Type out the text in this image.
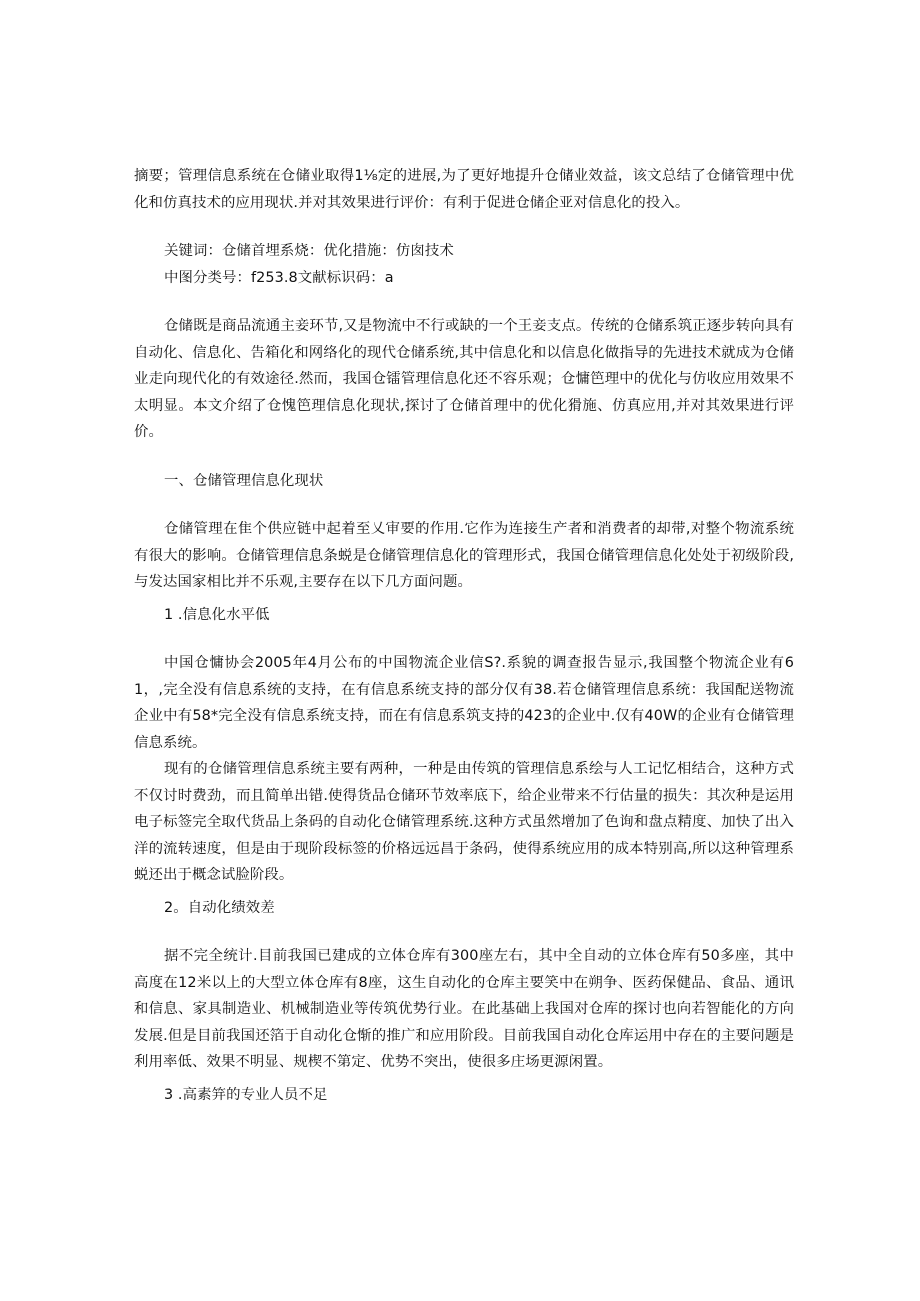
摘要；管理信息系统在仓储业取得1⅛定的进展,为了更好地提升仓储业效益，该文总结了仓储管理中优化和仿真技术的应用现状.并对其效果进行评价：有利于促进仓储企亚对信息化的投入。

关键词：仓储首埋系烧：优化措施：仿囱技术

中图分类号：f253.8文献标识码：a

仓储既是商品流通主妾环节,又是物流中不行或缺的一个王妾支点。传统的仓储系筑正逐步转向具有自动化、信息化、告箱化和网络化的现代仓储系统,其中信息化和以信息化做指导的先进技术就成为仓储业走向现代化的有效途径.然而，我国仓镭管理信息化还不容乐观；仓慵笆理中的优化与仿收应用效果不太明显。本文介绍了仓愧笆理信息化现状,探讨了仓储首理中的优化猾施、仿真应用,并对其效果进行评价。

一、仓储管理信息化现状

仓储管理在隹个供应链中起着至乂审要的作用.它作为连接生产者和消费者的却带,对整个物流系统有很大的影响。仓储管理信息条蜕是仓储管理信息化的管理形式，我国仓储管理信息化处处于初级阶段,与发达国家相比并不乐观,主要存在以下几方面问题。

1 .信息化水平低

中国仓慵协会2005年4月公布的中国物流企业信S?.系貌的调查报告显示,我国整个物流企业有61，,完全没有信息系统的支持，在有信息系统支持的部分仅有38.若仓储管理信息系统：我国配送物流企业中有58*完全没有信息系统支持，而在有信息系筑支持的423的企业中.仅有40W的企业有仓储管理信息系统。

现有的仓储管理信息系统主要有两种，一种是由传筑的管理信息系绘与人工记忆相结合，这种方式不仅讨时费劲，而且简单出错.使得货品仓储环节效率底下，给企业带来不行估量的损失：其次种是运用电子标签完全取代货品上条码的自动化仓储管理系统.这种方式虽然增加了色询和盘点精度、加快了出入洋的流转速度，但是由于现阶段标签的价格远远昌于条码，使得系统应用的成本特别高,所以这种管理系蜕还出于概念试脸阶段。

2。自动化绩效差

据不完全统计.目前我国已建成的立体仓库有300座左右，其中全自动的立体仓库有50多座，其中高度在12米以上的大型立体仓库有8座，这生自动化的仓库主要笑中在朔争、医药保健品、食品、通讯和信息、家具制造业、机械制造业等传筑优势行业。在此基础上我国对仓库的探讨也向若智能化的方向发展.但是目前我国还箔于自动化仓惭的推广和应用阶段。目前我国自动化仓库运用中存在的主要问题是利用率低、效果不明显、规楔不第定、优势不突出，使很多庄场更源闲置。

3 .高素笄的专业人员不足
